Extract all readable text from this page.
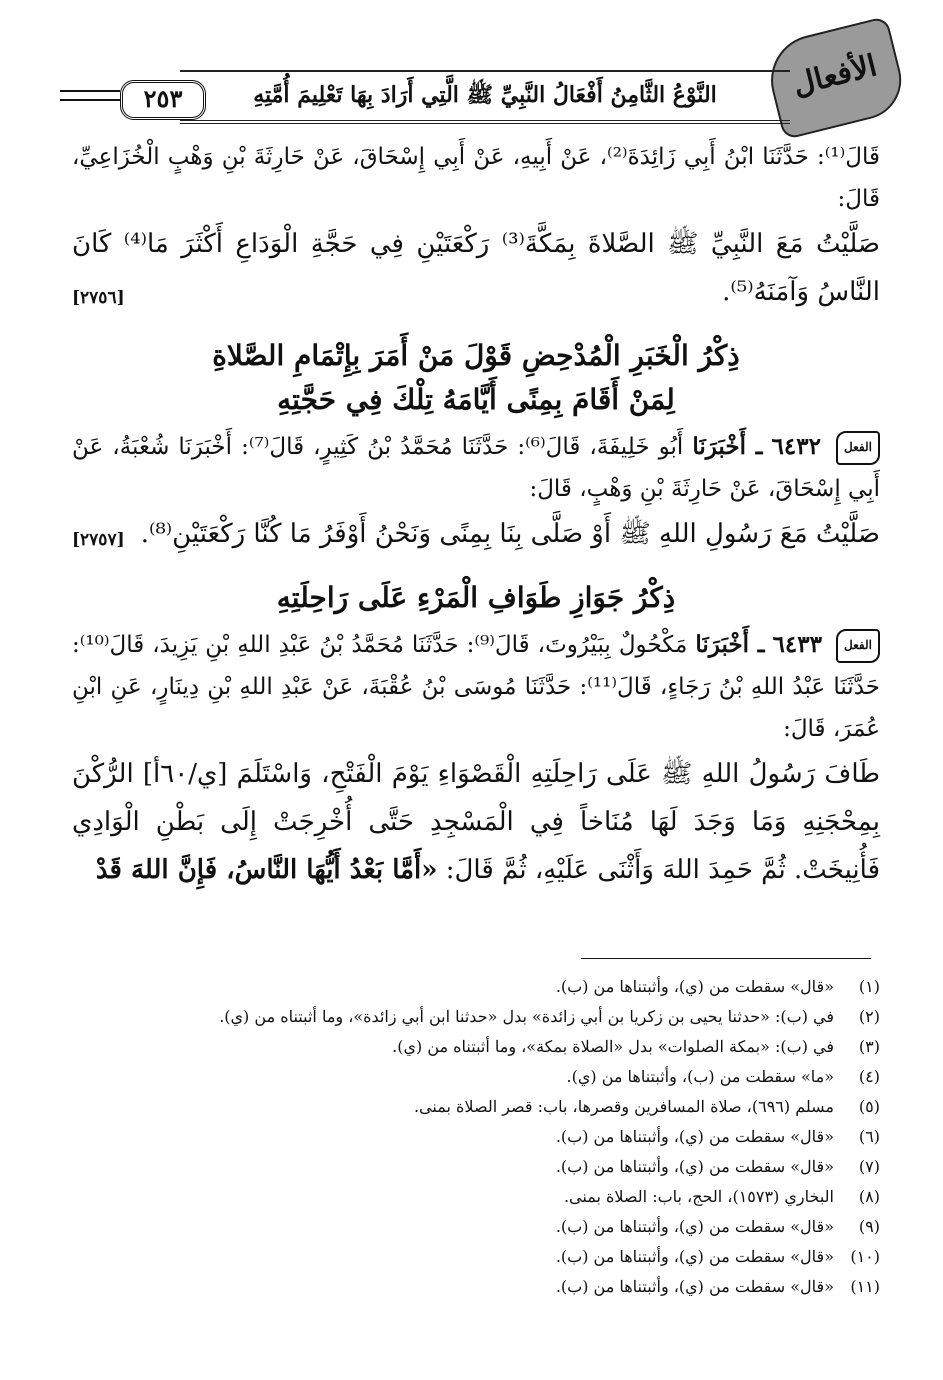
الأفعال
النَّوْعُ الثَّامِنُ أَفْعَالُ النَّبِيِّ ﷺ الَّتِي أَرَادَ بِهَا تَعْلِيمَ أُمَّتِهِ
٢٥٣

قَالَ⁽¹⁾: حَدَّثَنَا ابْنُ أَبِي زَائِدَةَ⁽²⁾، عَنْ أَبِيهِ، عَنْ أَبِي إِسْحَاقَ، عَنْ حَارِثَةَ بْنِ وَهْبٍ الْخُزَاعِيِّ، قَالَ:

صَلَّيْتُ مَعَ النَّبِيِّ ﷺ الصَّلاةَ بِمَكَّةَ⁽³⁾ رَكْعَتَيْنِ فِي حَجَّةِ الْوَدَاعِ أَكْثَرَ مَا⁽⁴⁾ كَانَ النَّاسُ وَآمَنَهُ⁽⁵⁾.
[٢٧٥٦]

ذِكْرُ الْخَبَرِ الْمُدْحِضِ قَوْلَ مَنْ أَمَرَ بِإِتْمَامِ الصَّلاةِ
لِمَنْ أَقَامَ بِمِنًى أَيَّامَهُ تِلْكَ فِي حَجَّتِهِ

الفعل ٦٤٣٢ ـ أَخْبَرَنَا أَبُو خَلِيفَةَ، قَالَ⁽⁶⁾: حَدَّثَنَا مُحَمَّدُ بْنُ كَثِيرٍ، قَالَ⁽⁷⁾: أَخْبَرَنَا شُعْبَةُ، عَنْ أَبِي إِسْحَاقَ، عَنْ حَارِثَةَ بْنِ وَهْبٍ، قَالَ:

صَلَّيْتُ مَعَ رَسُولِ اللهِ ﷺ أَوْ صَلَّى بِنَا بِمِنًى وَنَحْنُ أَوْفَرُ مَا كُنَّا رَكْعَتَيْنِ⁽⁸⁾.
[٢٧٥٧]

ذِكْرُ جَوَازِ طَوَافِ الْمَرْءِ عَلَى رَاحِلَتِهِ

الفعل ٦٤٣٣ ـ أَخْبَرَنَا مَكْحُولٌ بِبَيْرُوتَ، قَالَ⁽⁹⁾: حَدَّثَنَا مُحَمَّدُ بْنُ عَبْدِ اللهِ بْنِ يَزِيدَ، قَالَ⁽¹⁰⁾: حَدَّثَنَا عَبْدُ اللهِ بْنُ رَجَاءٍ، قَالَ⁽¹¹⁾: حَدَّثَنَا مُوسَى بْنُ عُقْبَةَ، عَنْ عَبْدِ اللهِ بْنِ دِينَارٍ، عَنِ ابْنِ عُمَرَ، قَالَ:

طَافَ رَسُولُ اللهِ ﷺ عَلَى رَاحِلَتِهِ الْقَصْوَاءِ يَوْمَ الْفَتْحِ، وَاسْتَلَمَ [ي/٦٠أ] الرُّكْنَ بِمِحْجَنِهِ وَمَا وَجَدَ لَهَا مُنَاخاً فِي الْمَسْجِدِ حَتَّى أُخْرِجَتْ إِلَى بَطْنِ الْوَادِي فَأُنِيخَتْ. ثُمَّ حَمِدَ اللهَ وَأَثْنَى عَلَيْهِ، ثُمَّ قَالَ: «أَمَّا بَعْدُ أَيُّهَا النَّاسُ، فَإِنَّ اللهَ قَدْ

(١)«قال» سقطت من (ي)، وأثبتناها من (ب).

(٢)في (ب): «حدثنا يحيى بن زكريا بن أبي زائدة» بدل «حدثنا ابن أبي زائدة»، وما أثبتناه من (ي).

(٣)في (ب): «بمكة الصلوات» بدل «الصلاة بمكة»، وما أثبتناه من (ي).

(٤)«ما» سقطت من (ب)، وأثبتناها من (ي).

(٥)مسلم (٦٩٦)، صلاة المسافرين وقصرها، باب: قصر الصلاة بمنى.

(٦)«قال» سقطت من (ي)، وأثبتناها من (ب).

(٧)«قال» سقطت من (ي)، وأثبتناها من (ب).

(٨)البخاري (١٥٧٣)، الحج، باب: الصلاة بمنى.

(٩)«قال» سقطت من (ي)، وأثبتناها من (ب).

(١٠)«قال» سقطت من (ي)، وأثبتناها من (ب).

(١١)«قال» سقطت من (ي)، وأثبتناها من (ب).
